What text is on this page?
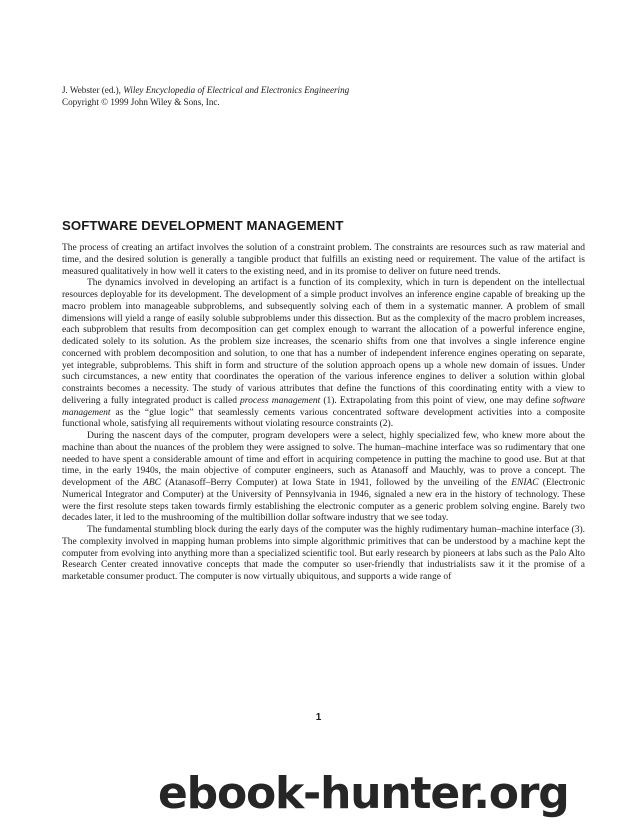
J. Webster (ed.), Wiley Encyclopedia of Electrical and Electronics Engineering
Copyright © 1999 John Wiley & Sons, Inc.
SOFTWARE DEVELOPMENT MANAGEMENT

The process of creating an artifact involves the solution of a constraint problem. The constraints are resources such as raw material and time, and the desired solution is generally a tangible product that fulfills an existing need or requirement. The value of the artifact is measured qualitatively in how well it caters to the existing need, and in its promise to deliver on future need trends.

The dynamics involved in developing an artifact is a function of its complexity, which in turn is dependent on the intellectual resources deployable for its development. The development of a simple product involves an inference engine capable of breaking up the macro problem into manageable subproblems, and subsequently solving each of them in a systematic manner. A problem of small dimensions will yield a range of easily soluble subproblems under this dissection. But as the complexity of the macro problem increases, each subproblem that results from decomposition can get complex enough to warrant the allocation of a powerful inference engine, dedicated solely to its solution. As the problem size increases, the scenario shifts from one that involves a single inference engine concerned with problem decomposition and solution, to one that has a number of independent inference engines operating on separate, yet integrable, subproblems. This shift in form and structure of the solution approach opens up a whole new domain of issues. Under such circumstances, a new entity that coordinates the operation of the various inference engines to deliver a solution within global constraints becomes a necessity. The study of various attributes that define the functions of this coordinating entity with a view to delivering a fully integrated product is called process management (1). Extrapolating from this point of view, one may define software management as the “glue logic” that seamlessly cements various concentrated software development activities into a composite functional whole, satisfying all requirements without violating resource constraints (2).

During the nascent days of the computer, program developers were a select, highly specialized few, who knew more about the machine than about the nuances of the problem they were assigned to solve. The human–machine interface was so rudimentary that one needed to have spent a considerable amount of time and effort in acquiring competence in putting the machine to good use. But at that time, in the early 1940s, the main objective of computer engineers, such as Atanasoff and Mauchly, was to prove a concept. The development of the ABC (Atanasoff–Berry Computer) at Iowa State in 1941, followed by the unveiling of the ENIAC (Electronic Numerical Integrator and Computer) at the University of Pennsylvania in 1946, signaled a new era in the history of technology. These were the first resolute steps taken towards firmly establishing the electronic computer as a generic problem solving engine. Barely two decades later, it led to the mushrooming of the multibillion dollar software industry that we see today.

The fundamental stumbling block during the early days of the computer was the highly rudimentary human–machine interface (3). The complexity involved in mapping human problems into simple algorithmic primitives that can be understood by a machine kept the computer from evolving into anything more than a specialized scientific tool. But early research by pioneers at labs such as the Palo Alto Research Center created innovative concepts that made the computer so user-friendly that industrialists saw it it the promise of a marketable consumer product. The computer is now virtually ubiquitous, and supports a wide range of

1
ebook-hunter.org
